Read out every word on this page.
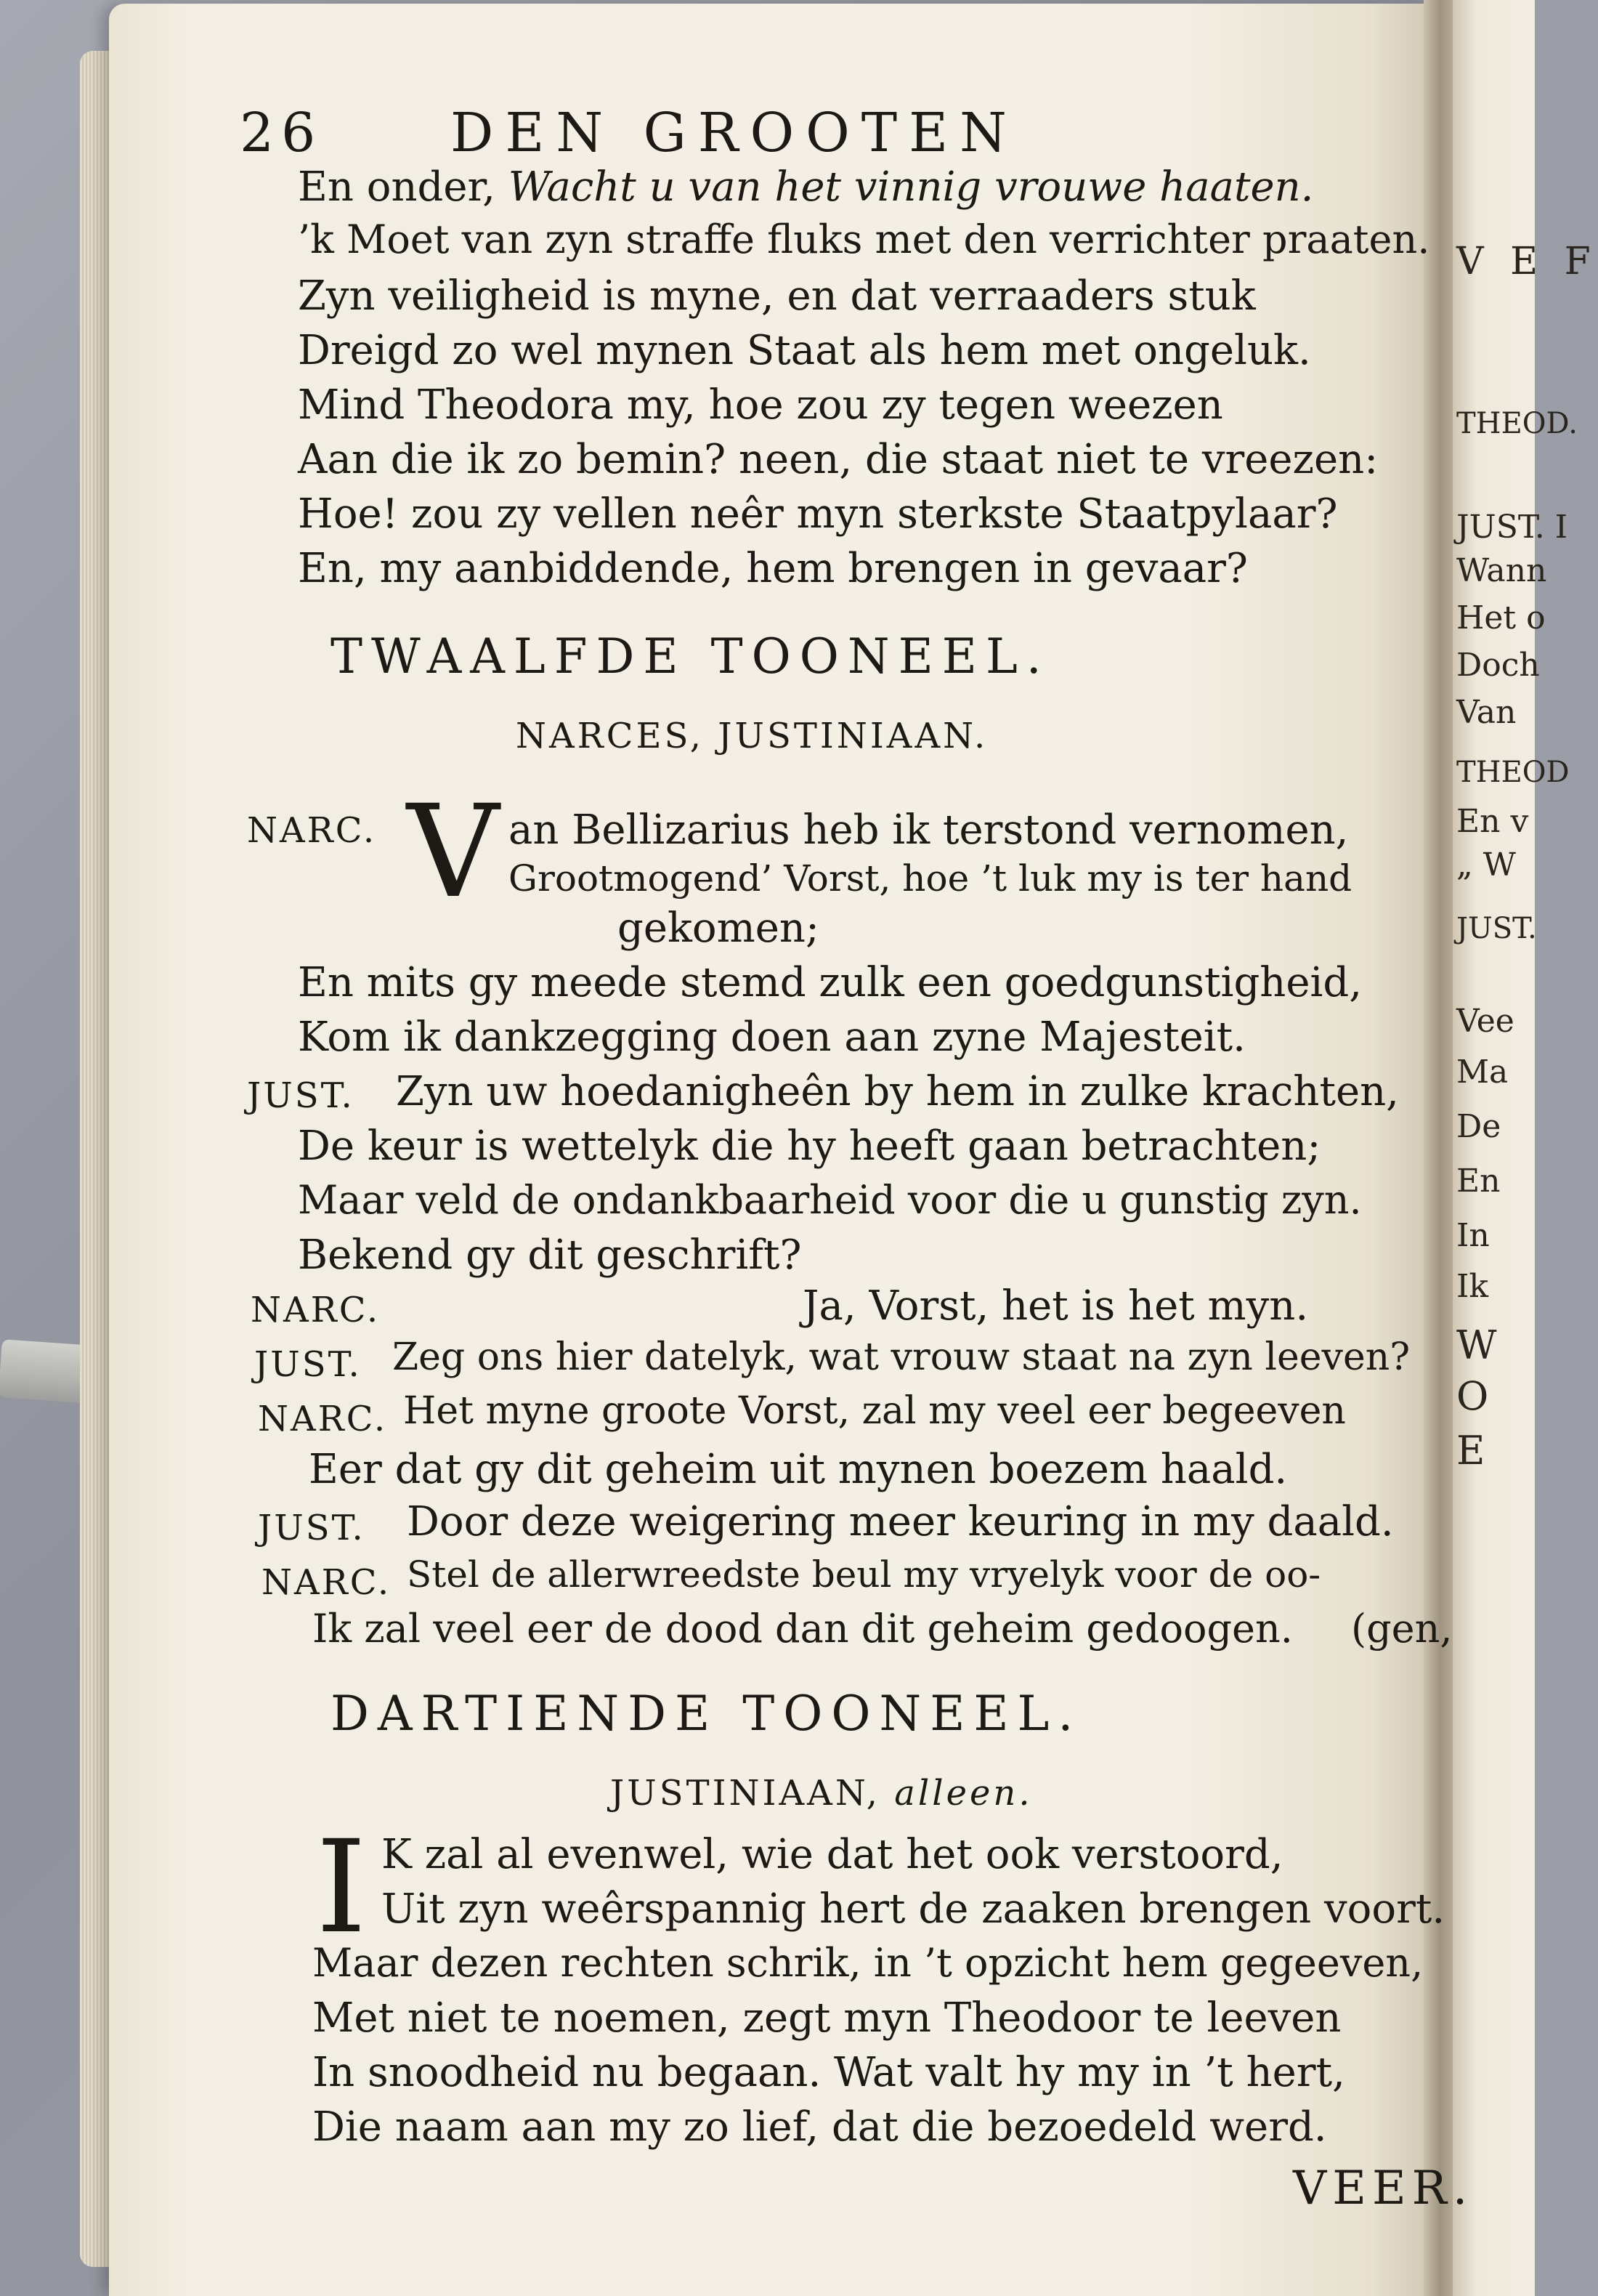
26 DEN GROOTEN
En onder, Wacht u van het vinnig vrouwe haaten.
’k Moet van zyn straffe fluks met den verrichter praaten.
Zyn veiligheid is myne, en dat verraaders stuk
Dreigd zo wel mynen Staat als hem met ongeluk.
Mind Theodora my, hoe zou zy tegen weezen
Aan die ik zo bemin? neen, die staat niet te vreezen:
Hoe! zou zy vellen neêr myn sterkste Staatpylaar?
En, my aanbiddende, hem brengen in gevaar?
TWAALFDE TOONEEL.
NARCES, JUSTINIAAN.
NARC. V an Bellizarius heb ik terstond vernomen,
Grootmogend’ Vorst, hoe ’t luk my is ter hand
gekomen;
En mits gy meede stemd zulk een goedgunstigheid,
Kom ik dankzegging doen aan zyne Majesteit.
JUST. Zyn uw hoedanigheên by hem in zulke krachten,
De keur is wettelyk die hy heeft gaan betrachten;
Maar veld de ondankbaarheid voor die u gunstig zyn.
Bekend gy dit geschrift?
NARC.	Ja, Vorst, het is het myn.
JUST. Zeg ons hier datelyk, wat vrouw staat na zyn leeven?
NARC. Het myne groote Vorst, zal my veel eer begeeven
Eer dat gy dit geheim uit mynen boezem haald.
JUST. Door deze weigering meer keuring in my daald.
NARC. Stel de allerwreedste beul my vryelyk voor de oo-
Ik zal veel eer de dood dan dit geheim gedoogen. (gen,
DARTIENDE TOONEEL.
JUSTINIAAN, alleen.
I K zal al evenwel, wie dat het ook verstoord,
Uit zyn weêrspannig hert de zaaken brengen voort.
Maar dezen rechten schrik, in ’t opzicht hem gegeeven,
Met niet te noemen, zegt myn Theodoor te leeven
In snoodheid nu begaan. Wat valt hy my in ’t hert,
Die naam aan my zo lief, dat die bezoedeld werd.
VEER.
V E F
THEOD.
JUST. I
Wann
Het o
Doch
Van
THEOD
En v
„ W
JUST.
Vee
Ma
De
En
In
Ik
W
O
E
